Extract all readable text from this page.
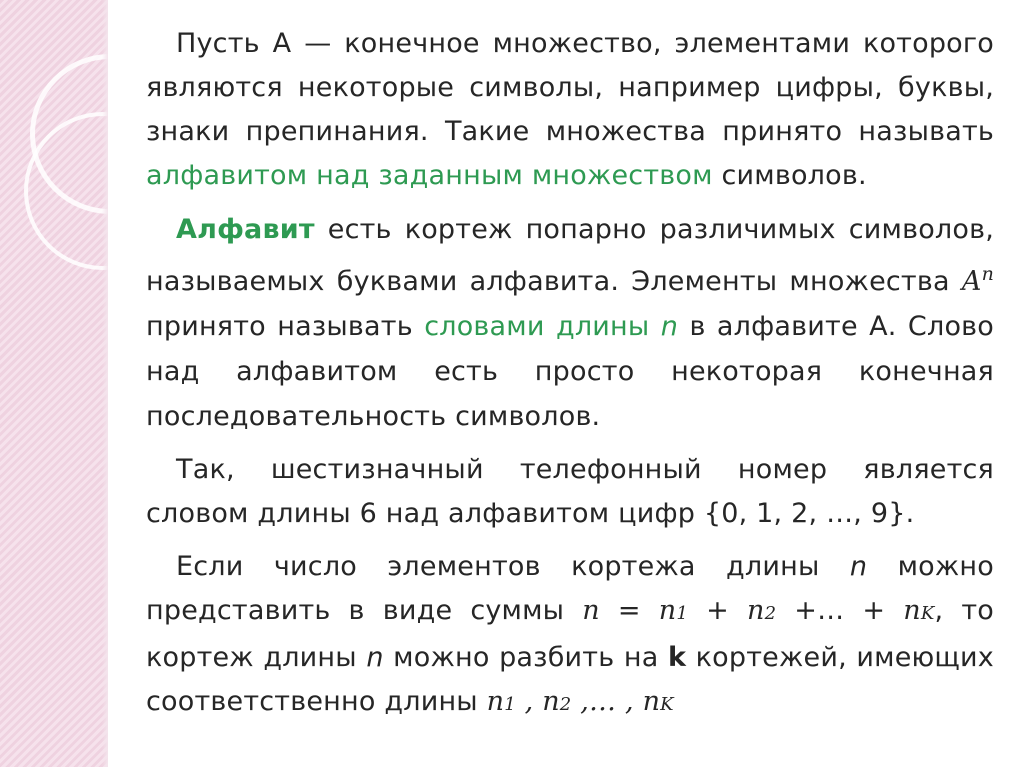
Пусть А — конечное множество, элементами которого являются некоторые символы, например цифры, буквы, знаки препинания. Такие множества принято называть алфавитом над заданным множеством символов.

Алфавит есть кортеж попарно различимых символов, называемых буквами алфавита. Элементы множества $A^n$ принято называть словами длины n в алфавите А. Слово над алфавитом есть просто некоторая конечная последовательность символов.

Так, шестизначный телефонный номер является словом длины 6 над алфавитом цифр {0, 1, 2, …, 9}.

Если число элементов кортежа длины n можно представить в виде суммы n = n1 + n2 +… + nK, то кортеж длины n можно разбить на k кортежей, имеющих соответственно длины n1 , n2 ,… , nK
